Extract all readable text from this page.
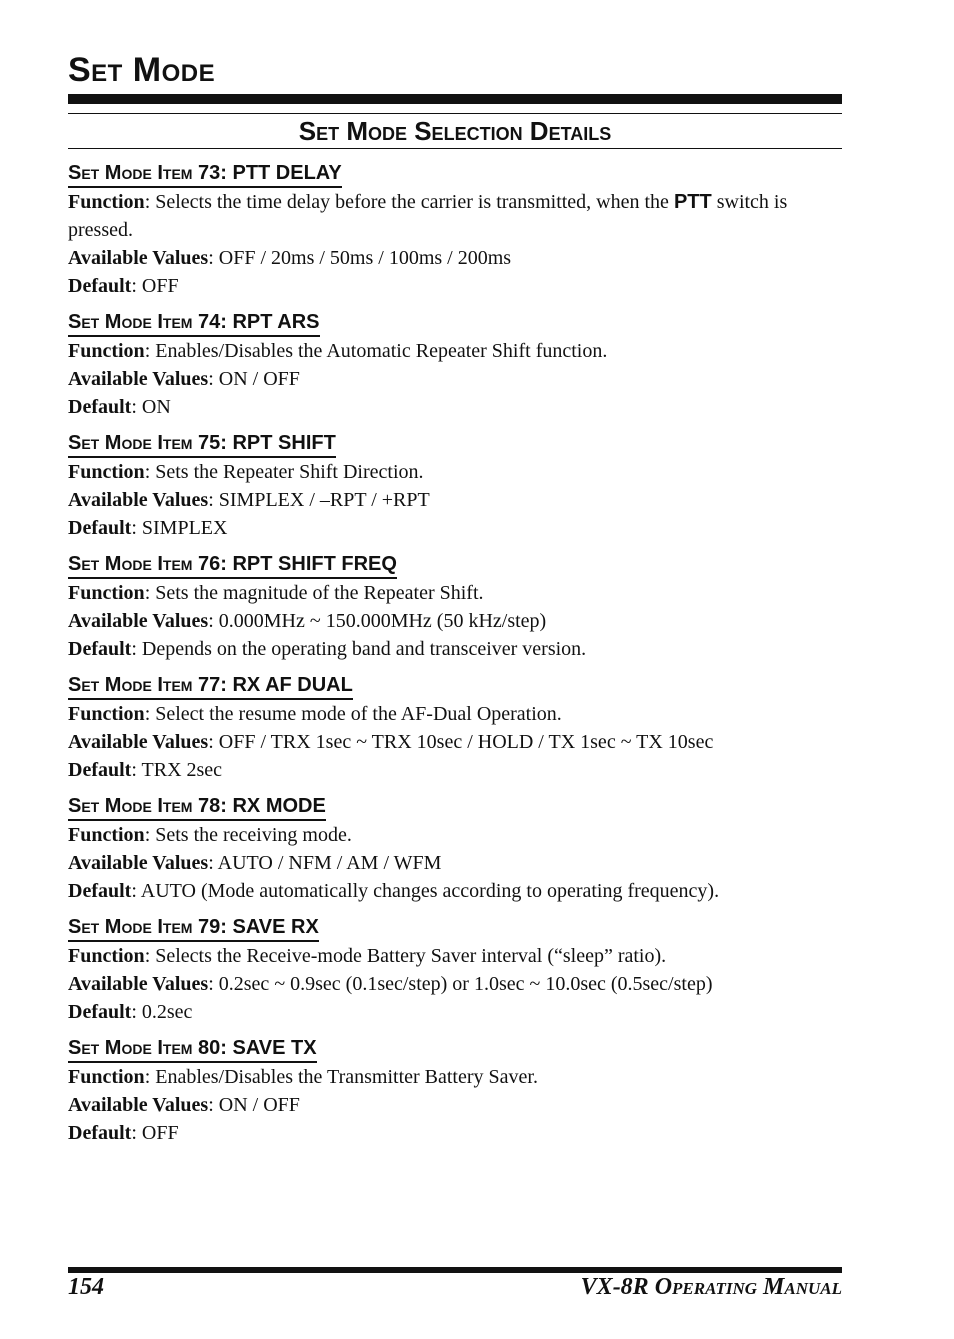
Set Mode
Set Mode Selection Details
Set Mode Item 73: PTT DELAY

Function: Selects the time delay before the carrier is transmitted, when the PTT switch is pressed.

Available Values: OFF / 20ms / 50ms / 100ms / 200ms

Default: OFF

Set Mode Item 74: RPT ARS

Function: Enables/Disables the Automatic Repeater Shift function.

Available Values: ON / OFF

Default: ON

Set Mode Item 75: RPT SHIFT

Function: Sets the Repeater Shift Direction.

Available Values: SIMPLEX / –RPT / +RPT

Default: SIMPLEX

Set Mode Item 76: RPT SHIFT FREQ

Function: Sets the magnitude of the Repeater Shift.

Available Values: 0.000MHz ~ 150.000MHz (50 kHz/step)

Default: Depends on the operating band and transceiver version.

Set Mode Item 77: RX AF DUAL

Function: Select the resume mode of the AF-Dual Operation.

Available Values: OFF / TRX 1sec ~ TRX 10sec / HOLD / TX 1sec ~ TX 10sec

Default: TRX 2sec

Set Mode Item 78: RX MODE

Function: Sets the receiving mode.

Available Values: AUTO / NFM / AM / WFM

Default: AUTO (Mode automatically changes according to operating frequency).

Set Mode Item 79: SAVE RX

Function: Selects the Receive-mode Battery Saver interval (“sleep” ratio).

Available Values: 0.2sec ~ 0.9sec (0.1sec/step) or 1.0sec ~ 10.0sec (0.5sec/step)

Default: 0.2sec

Set Mode Item 80: SAVE TX

Function: Enables/Disables the Transmitter Battery Saver.

Available Values: ON / OFF

Default: OFF

154	VX-8R Operating Manual
